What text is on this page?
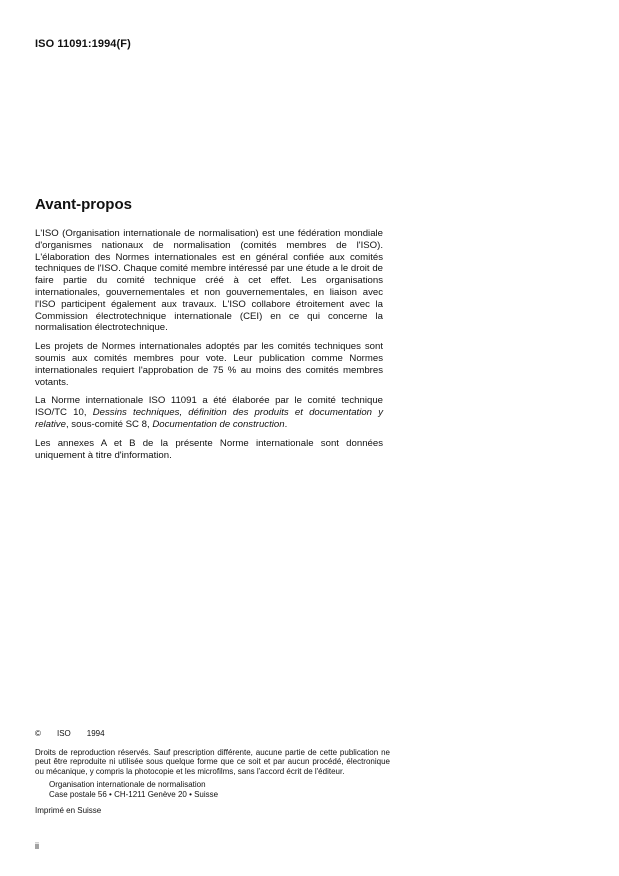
ISO 11091:1994(F)
Avant-propos

L'ISO (Organisation internationale de normalisation) est une fédération mondiale d'organismes nationaux de normalisation (comités membres de l'ISO). L'élaboration des Normes internationales est en général confiée aux comités techniques de l'ISO. Chaque comité membre intéressé par une étude a le droit de faire partie du comité technique créé à cet effet. Les organisations internationales, gouvernementales et non gouvernementales, en liaison avec l'ISO participent également aux travaux. L'ISO collabore étroitement avec la Commission électrotechnique internationale (CEI) en ce qui concerne la normalisation électrotechnique.

Les projets de Normes internationales adoptés par les comités techniques sont soumis aux comités membres pour vote. Leur publication comme Normes internationales requiert l'approbation de 75 % au moins des comités membres votants.

La Norme internationale ISO 11091 a été élaborée par le comité technique ISO/TC 10, Dessins techniques, définition des produits et documentation y relative, sous-comité SC 8, Documentation de construction.

Les annexes A et B de la présente Norme internationale sont données uniquement à titre d'information.

© ISO 1994
Droits de reproduction réservés. Sauf prescription différente, aucune partie de cette publication ne peut être reproduite ni utilisée sous quelque forme que ce soit et par aucun procédé, électronique ou mécanique, y compris la photocopie et les microfilms, sans l'accord écrit de l'éditeur.
Organisation internationale de normalisation
Case postale 56 • CH-1211 Genève 20 • Suisse
Imprimé en Suisse
ii
